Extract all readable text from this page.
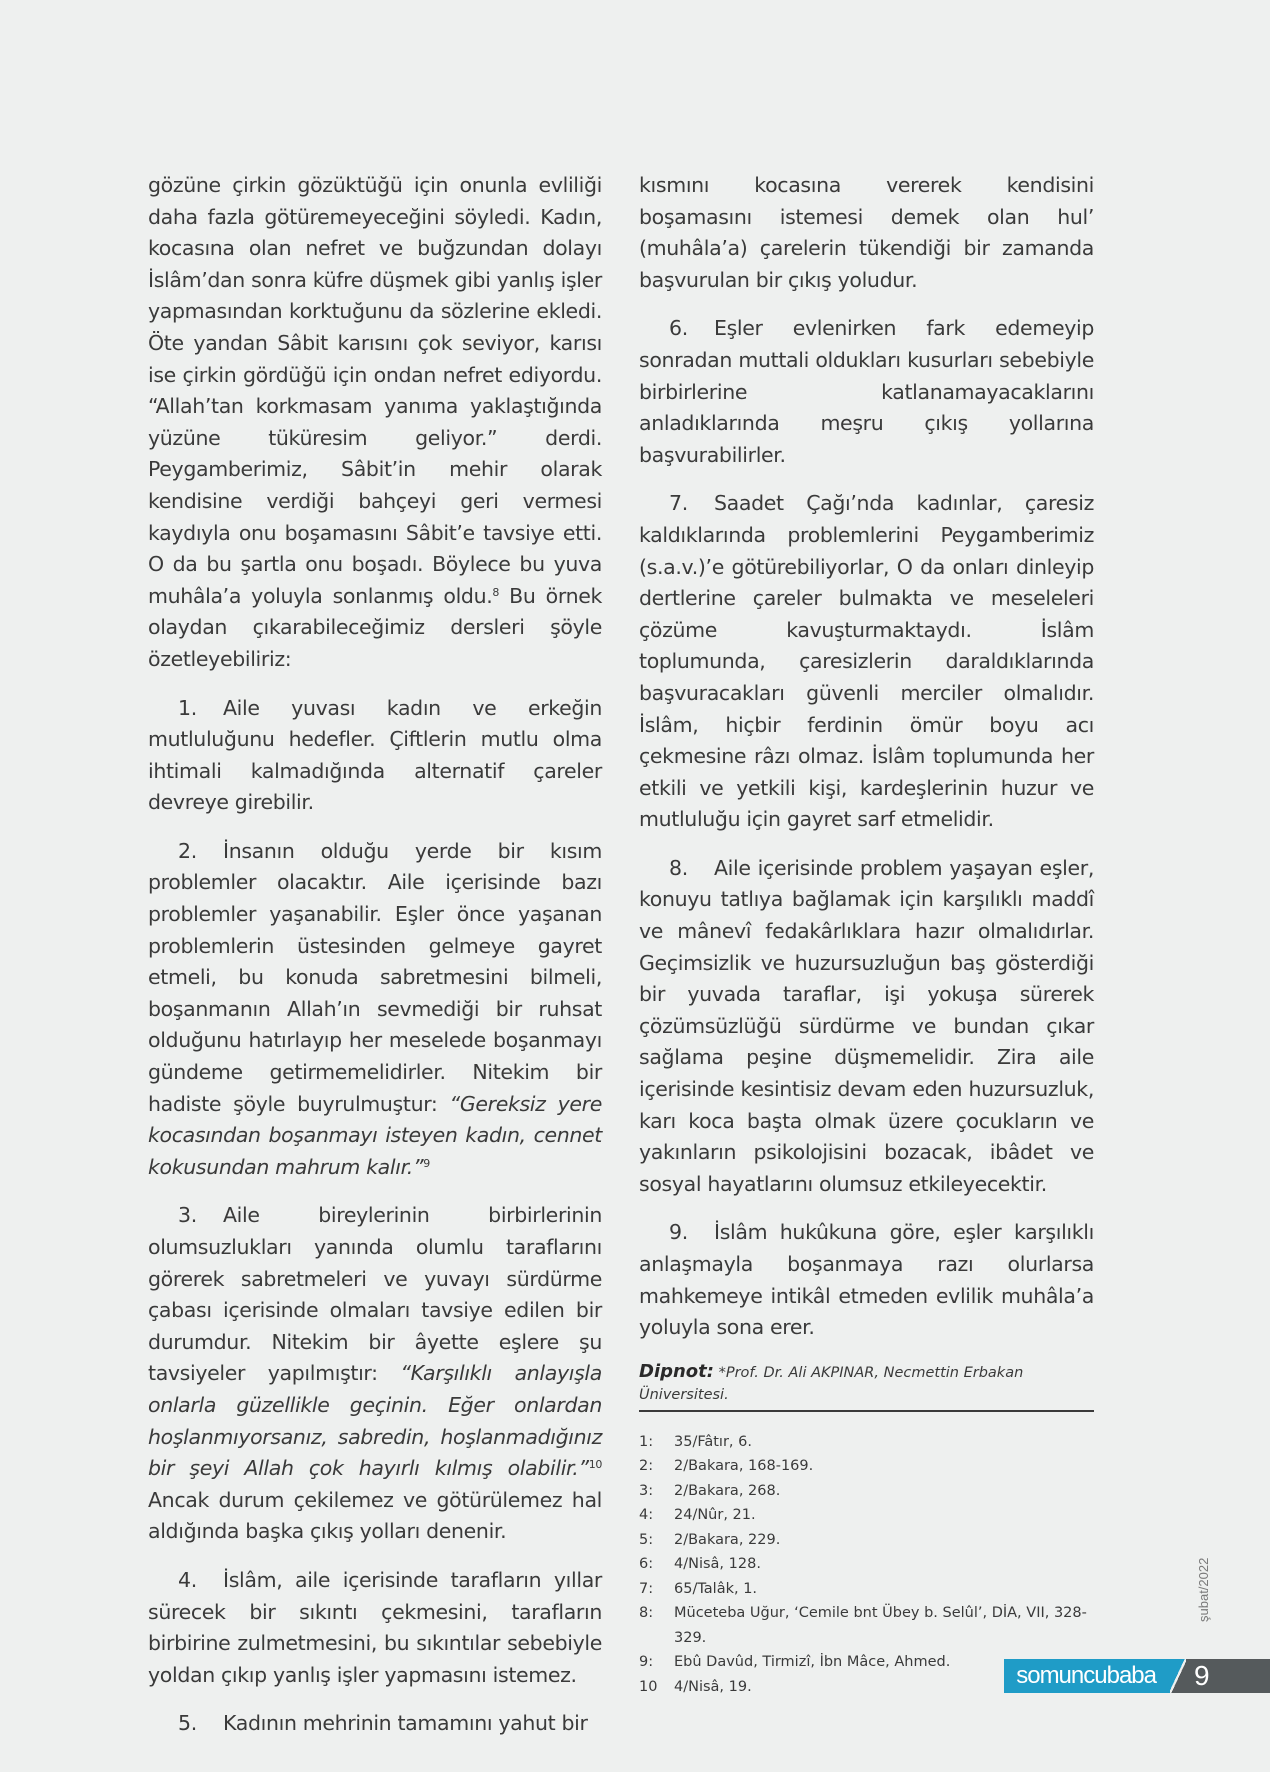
gözüne çirkin gözüktüğü için onunla evliliği daha fazla götüremeyeceğini söyledi. Kadın, kocasına olan nefret ve buğzundan dolayı İslâm’dan sonra küfre düşmek gibi yanlış işler yapmasından korktuğunu da sözlerine ekledi. Öte yandan Sâbit karısını çok seviyor, karısı ise çirkin gördüğü için ondan nefret ediyordu. “Allah’tan korkmasam yanıma yaklaştığında yüzüne tüküresim geliyor.” derdi. Peygamberimiz, Sâbit’in mehir olarak kendisine verdiği bahçeyi geri vermesi kaydıyla onu boşamasını Sâbit’e tavsiye etti. O da bu şartla onu boşadı. Böylece bu yuva muhâla’a yoluyla sonlanmış oldu.$^8$ Bu örnek olaydan çıkarabileceğimiz dersleri şöyle özetleyebiliriz:

1. Aile yuvası kadın ve erkeğin mutluluğunu hedefler. Çiftlerin mutlu olma ihtimali kalmadığında alternatif çareler devreye girebilir.

2. İnsanın olduğu yerde bir kısım problemler olacaktır. Aile içerisinde bazı problemler yaşanabilir. Eşler önce yaşanan problemlerin üstesinden gelmeye gayret etmeli, bu konuda sabretmesini bilmeli, boşanmanın Allah’ın sevmediği bir ruhsat olduğunu hatırlayıp her meselede boşanmayı gündeme getirmemelidirler. Nitekim bir hadiste şöyle buyrulmuştur: “Gereksiz yere kocasından boşanmayı isteyen kadın, cennet kokusundan mahrum kalır.”$^9$

3. Aile bireylerinin birbirlerinin olumsuzlukları yanında olumlu taraflarını görerek sabretmeleri ve yuvayı sürdürme çabası içerisinde olmaları tavsiye edilen bir durumdur. Nitekim bir âyette eşlere şu tavsiyeler yapılmıştır: “Karşılıklı anlayışla onlarla güzellikle geçinin. Eğer onlardan hoşlanmıyorsanız, sabredin, hoşlanmadığınız bir şeyi Allah çok hayırlı kılmış olabilir.”$^{10}$ Ancak durum çekilemez ve götürülemez hal aldığında başka çıkış yolları denenir.

4. İslâm, aile içerisinde tarafların yıllar sürecek bir sıkıntı çekmesini, tarafların birbirine zulmetmesini, bu sıkıntılar sebebiyle yoldan çıkıp yanlış işler yapmasını istemez.

5. Kadının mehrinin tamamını yahut bir

kısmını kocasına vererek kendisini boşamasını istemesi demek olan hul’ (muhâla’a) çarelerin tükendiği bir zamanda başvurulan bir çıkış yoludur.

6. Eşler evlenirken fark edemeyip sonradan muttali oldukları kusurları sebebiyle birbirlerine katlanamayacaklarını anladıklarında meşru çıkış yollarına başvurabilirler.

7. Saadet Çağı’nda kadınlar, çaresiz kaldıklarında problemlerini Peygamberimiz (s.a.v.)’e götürebiliyorlar, O da onları dinleyip dertlerine çareler bulmakta ve meseleleri çözüme kavuşturmaktaydı. İslâm toplumunda, çaresizlerin daraldıklarında başvuracakları güvenli merciler olmalıdır. İslâm, hiçbir ferdinin ömür boyu acı çekmesine râzı olmaz. İslâm toplumunda her etkili ve yetkili kişi, kardeşlerinin huzur ve mutluluğu için gayret sarf etmelidir.

8. Aile içerisinde problem yaşayan eşler, konuyu tatlıya bağlamak için karşılıklı maddî ve mânevî fedakârlıklara hazır olmalıdırlar. Geçimsizlik ve huzursuzluğun baş gösterdiği bir yuvada taraflar, işi yokuşa sürerek çözümsüzlüğü sürdürme ve bundan çıkar sağlama peşine düşmemelidir. Zira aile içerisinde kesintisiz devam eden huzursuzluk, karı koca başta olmak üzere çocukların ve yakınların psikolojisini bozacak, ibâdet ve sosyal hayatlarını olumsuz etkileyecektir.

9. İslâm hukûkuna göre, eşler karşılıklı anlaşmayla boşanmaya razı olurlarsa mahkemeye intikâl etmeden evlilik muhâla’a yoluyla sona erer.

Dipnot: *Prof. Dr. Ali AKPINAR, Necmettin Erbakan Üniversitesi.
1:	35/Fâtır, 6.
2:	2/Bakara, 168-169.
3:	2/Bakara, 268.
4:	24/Nûr, 21.
5:	2/Bakara, 229.
6:	4/Nisâ, 128.
7:	65/Talâk, 1.
8:	Müceteba Uğur, ‘Cemile bnt Übey b. Selûl’, DİA, VII, 328-329.
9:	Ebû Davûd, Tirmizî, İbn Mâce, Ahmed.
10	4/Nisâ, 19.
şubat/2022
somuncubaba	9
